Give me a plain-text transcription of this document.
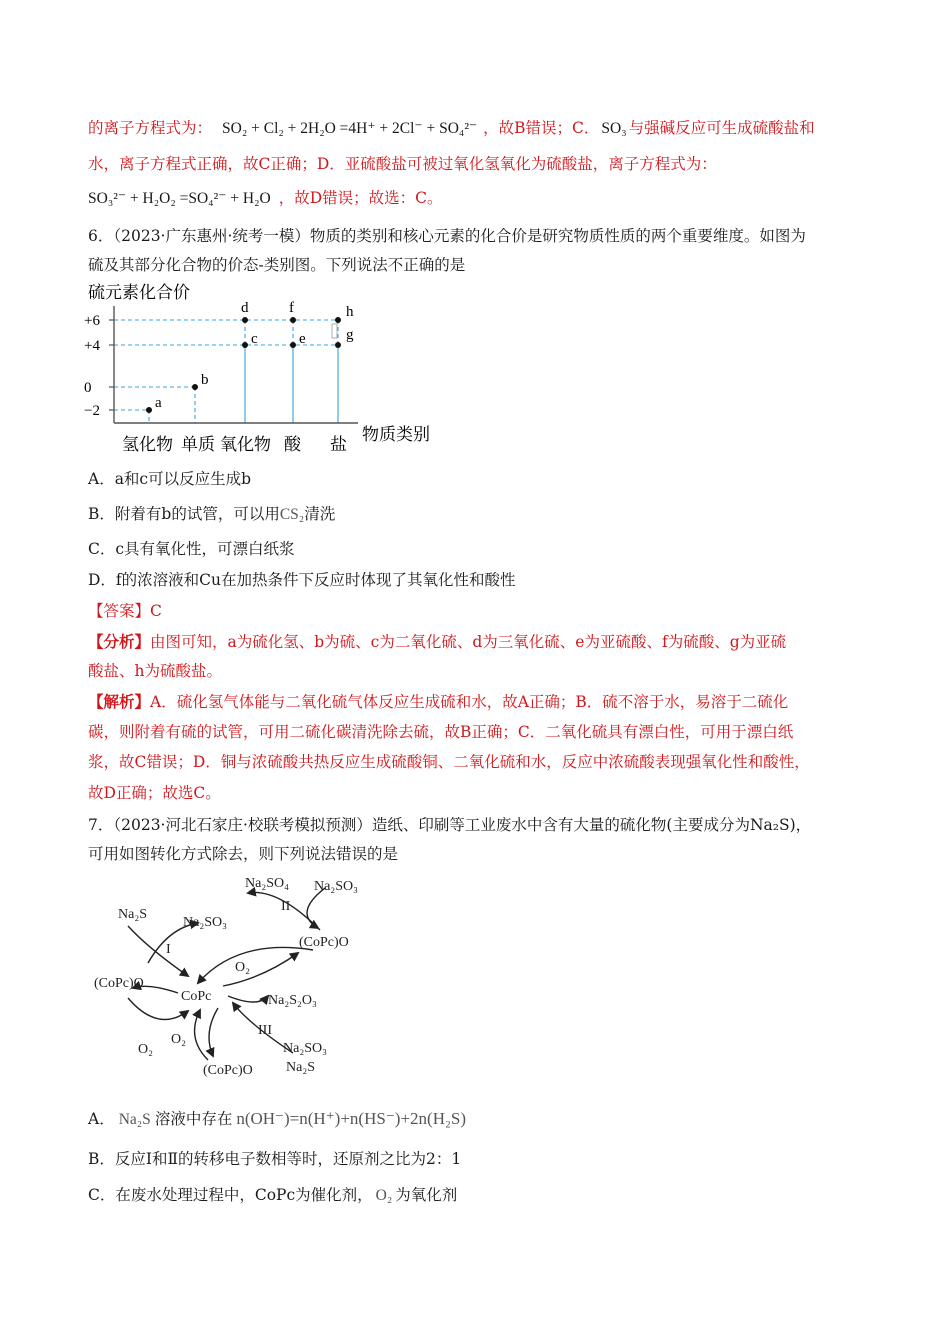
的离子方程式为： SO₂ + Cl₂ + 2H₂O =4H⁺ + 2Cl⁻ + SO₄²⁻ ，故B错误；C． SO₃ 与强碱反应可生成硫酸盐和
水，离子方程式正确，故C正确；D．亚硫酸盐可被过氧化氢氧化为硫酸盐，离子方程式为：
SO₃²⁻ + H₂O₂ =SO₄²⁻ + H₂O ，故D错误；故选：C。
6．（2023·广东惠州·统考一模）物质的类别和核心元素的化合价是研究物质性质的两个重要维度。如图为
硫及其部分化合物的价态-类别图。下列说法不正确的是
硫元素化合价
物质类别
+6
+4
0
−2
氢化物 单质 氧化物 酸 盐
a
b
c
d
e
f
g
h
A．a和c可以反应生成b
B．附着有b的试管，可以用CS₂清洗
C．c具有氧化性，可漂白纸浆
D．f的浓溶液和Cu在加热条件下反应时体现了其氧化性和酸性
【答案】C
【分析】由图可知，a为硫化氢、b为硫、c为二氧化硫、d为三氧化硫、e为亚硫酸、f为硫酸、g为亚硫
酸盐、h为硫酸盐。
【解析】A．硫化氢气体能与二氧化硫气体反应生成硫和水，故A正确；B．硫不溶于水，易溶于二硫化
碳，则附着有硫的试管，可用二硫化碳清洗除去硫，故B正确；C．二氧化硫具有漂白性，可用于漂白纸
浆，故C错误；D．铜与浓硫酸共热反应生成硫酸铜、二氧化硫和水，反应中浓硫酸表现强氧化性和酸性，
故D正确；故选C。
7．（2023·河北石家庄·校联考模拟预测）造纸、印刷等工业废水中含有大量的硫化物(主要成分为Na₂S)，
可用如图转化方式除去，则下列说法错误的是
Na₂SO₄ Na₂SO₃
II
Na₂S
Na₂SO₃
I	(CoPc)O
O₂
(CoPc)O
CoPc	Na₂S₂O₃
III
O₂
O₂	Na₂SO₃
Na₂S
(CoPc)O
A． Na₂S 溶液中存在 n(OH⁻)=n(H⁺)+n(HS⁻)+2n(H₂S)
B．反应Ⅰ和Ⅱ的转移电子数相等时，还原剂之比为2：1
C．在废水处理过程中，CoPc为催化剂， O₂ 为氧化剂
